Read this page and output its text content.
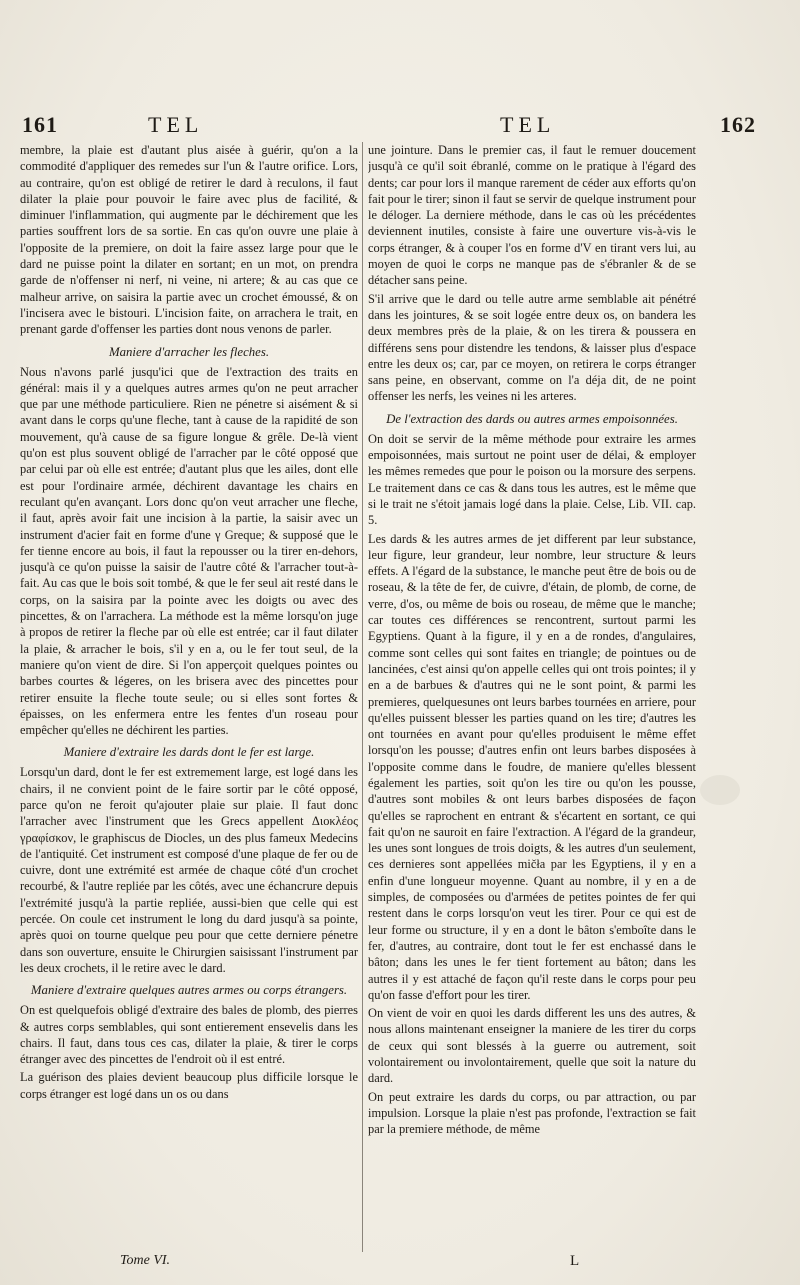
161	TEL	TEL	162

membre, la plaie est d'autant plus aisée à guérir, qu'on a la commodité d'appliquer des remedes sur l'un & l'autre orifice. Lors, au contraire, qu'on est obligé de retirer le dard à reculons, il faut dilater la plaie pour pouvoir le faire avec plus de facilité, & diminuer l'inflammation, qui augmente par le déchirement que les parties souffrent lors de sa sortie. En cas qu'on ouvre une plaie à l'opposite de la premiere, on doit la faire assez large pour que le dard ne puisse point la dilater en sortant; en un mot, on prendra garde de n'offenser ni nerf, ni veine, ni artere; & au cas que ce malheur arrive, on saisira la partie avec un crochet émoussé, & on l'incisera avec le bistouri. L'incision faite, on arrachera le trait, en prenant garde d'offenser les parties dont nous venons de parler.

Maniere d'arracher les fleches.

Nous n'avons parlé jusqu'ici que de l'extraction des traits en général: mais il y a quelques autres armes qu'on ne peut arracher que par une méthode particuliere. Rien ne pénetre si aisément & si avant dans le corps qu'une fleche, tant à cause de la rapidité de son mouvement, qu'à cause de sa figure longue & grêle. De-là vient qu'on est plus souvent obligé de l'arracher par le côté opposé que par celui par où elle est entrée; d'autant plus que les ailes, dont elle est pour l'ordinaire armée, déchirent davantage les chairs en reculant qu'en avançant. Lors donc qu'on veut arracher une fleche, il faut, après avoir fait une incision à la partie, la saisir avec un instrument d'acier fait en forme d'une γ Greque; & supposé que le fer tienne encore au bois, il faut la repousser ou la tirer en-dehors, jusqu'à ce qu'on puisse la saisir de l'autre côté & l'arracher tout-à-fait. Au cas que le bois soit tombé, & que le fer seul ait resté dans le corps, on la saisira par la pointe avec les doigts ou avec des pincettes, & on l'arrachera. La méthode est la même lorsqu'on juge à propos de retirer la fleche par où elle est entrée; car il faut dilater la plaie, & arracher le bois, s'il y en a, ou le fer tout seul, de la maniere qu'on vient de dire. Si l'on apperçoit quelques pointes ou barbes courtes & légeres, on les brisera avec des pincettes pour retirer ensuite la fleche toute seule; ou si elles sont fortes & épaisses, on les enfermera entre les fentes d'un roseau pour empêcher qu'elles ne déchirent les parties.

Maniere d'extraire les dards dont le fer est large.

Lorsqu'un dard, dont le fer est extremement large, est logé dans les chairs, il ne convient point de le faire sortir par le côté opposé, parce qu'on ne feroit qu'ajouter plaie sur plaie. Il faut donc l'arracher avec l'instrument que les Grecs appellent Διοκλέος γραφίσκον, le graphiscus de Diocles, un des plus fameux Medecins de l'antiquité. Cet instrument est composé d'une plaque de fer ou de cuivre, dont une extrémité est armée de chaque côté d'un crochet recourbé, & l'autre repliée par les côtés, avec une échancrure depuis l'extrémité jusqu'à la partie repliée, aussi-bien que celle qui est percée. On coule cet instrument le long du dard jusqu'à sa pointe, après quoi on tourne quelque peu pour que cette derniere pénetre dans son ouverture, ensuite le Chirurgien saisissant l'instrument par les deux crochets, il le retire avec le dard.

Maniere d'extraire quelques autres armes ou corps étrangers.

On est quelquefois obligé d'extraire des bales de plomb, des pierres & autres corps semblables, qui sont entierement ensevelis dans les chairs. Il faut, dans tous ces cas, dilater la plaie, & tirer le corps étranger avec des pincettes de l'endroit où il est entré.

La guérison des plaies devient beaucoup plus difficile lorsque le corps étranger est logé dans un os ou dans

une jointure. Dans le premier cas, il faut le remuer doucement jusqu'à ce qu'il soit ébranlé, comme on le pratique à l'égard des dents; car pour lors il manque rarement de céder aux efforts qu'on fait pour le tirer; sinon il faut se servir de quelque instrument pour le déloger. La derniere méthode, dans le cas où les précédentes deviennent inutiles, consiste à faire une ouverture vis-à-vis le corps étranger, & à couper l'os en forme d'V en tirant vers lui, au moyen de quoi le corps ne manque pas de s'ébranler & de se détacher sans peine.

S'il arrive que le dard ou telle autre arme semblable ait pénétré dans les jointures, & se soit logée entre deux os, on bandera les deux membres près de la plaie, & on les tirera & poussera en différens sens pour distendre les tendons, & laisser plus d'espace entre les deux os; car, par ce moyen, on retirera le corps étranger sans peine, en observant, comme on l'a déja dit, de ne point offenser les nerfs, les veines ni les arteres.

De l'extraction des dards ou autres armes empoisonnées.

On doit se servir de la même méthode pour extraire les armes empoisonnées, mais surtout ne point user de délai, & employer les mêmes remedes que pour le poison ou la morsure des serpens. Le traitement dans ce cas & dans tous les autres, est le même que si le trait ne s'étoit jamais logé dans la plaie. Celse, Lib. VII. cap. 5.

Les dards & les autres armes de jet different par leur substance, leur figure, leur grandeur, leur nombre, leur structure & leurs effets. A l'égard de la substance, le manche peut être de bois ou de roseau, & la tête de fer, de cuivre, d'étain, de plomb, de corne, de verre, d'os, ou même de bois ou roseau, de même que le manche; car toutes ces différences se rencontrent, surtout parmi les Egyptiens. Quant à la figure, il y en a de rondes, d'angulaires, comme sont celles qui sont faites en triangle; de pointues ou de lancinées, c'est ainsi qu'on appelle celles qui ont trois pointes; il y en a de barbues & d'autres qui ne le sont point, & parmi les premieres, quelquesunes ont leurs barbes tournées en arriere, pour qu'elles puissent blesser les parties quand on les tire; d'autres les ont tournées en avant pour qu'elles produisent le même effet lorsqu'on les pousse; d'autres enfin ont leurs barbes disposées à l'opposite comme dans le foudre, de maniere qu'elles blessent également les parties, soit qu'on les tire ou qu'on les pousse, d'autres sont mobiles & ont leurs barbes disposées de façon qu'elles se raprochent en entrant & s'écartent en sortant, ce qui fait qu'on ne sauroit en faire l'extraction. A l'égard de la grandeur, les unes sont longues de trois doigts, & les autres d'un seulement, ces dernieres sont appellées mičła par les Egyptiens, il y en a enfin d'une longueur moyenne. Quant au nombre, il y en a de simples, de composées ou d'armées de petites pointes de fer qui restent dans le corps lorsqu'on veut les tirer. Pour ce qui est de leur forme ou structure, il y en a dont le bâton s'emboîte dans le fer, d'autres, au contraire, dont tout le fer est enchassé dans le bâton; dans les unes le fer tient fortement au bâton; dans les autres il y est attaché de façon qu'il reste dans le corps pour peu qu'on fasse d'effort pour les tirer.

On vient de voir en quoi les dards different les uns des autres, & nous allons maintenant enseigner la maniere de les tirer du corps de ceux qui sont blessés à la guerre ou autrement, soit volontairement ou involontairement, quelle que soit la nature du dard.

On peut extraire les dards du corps, ou par attraction, ou par impulsion. Lorsque la plaie n'est pas profonde, l'extraction se fait par la premiere méthode, de même

Tome VI.	L
